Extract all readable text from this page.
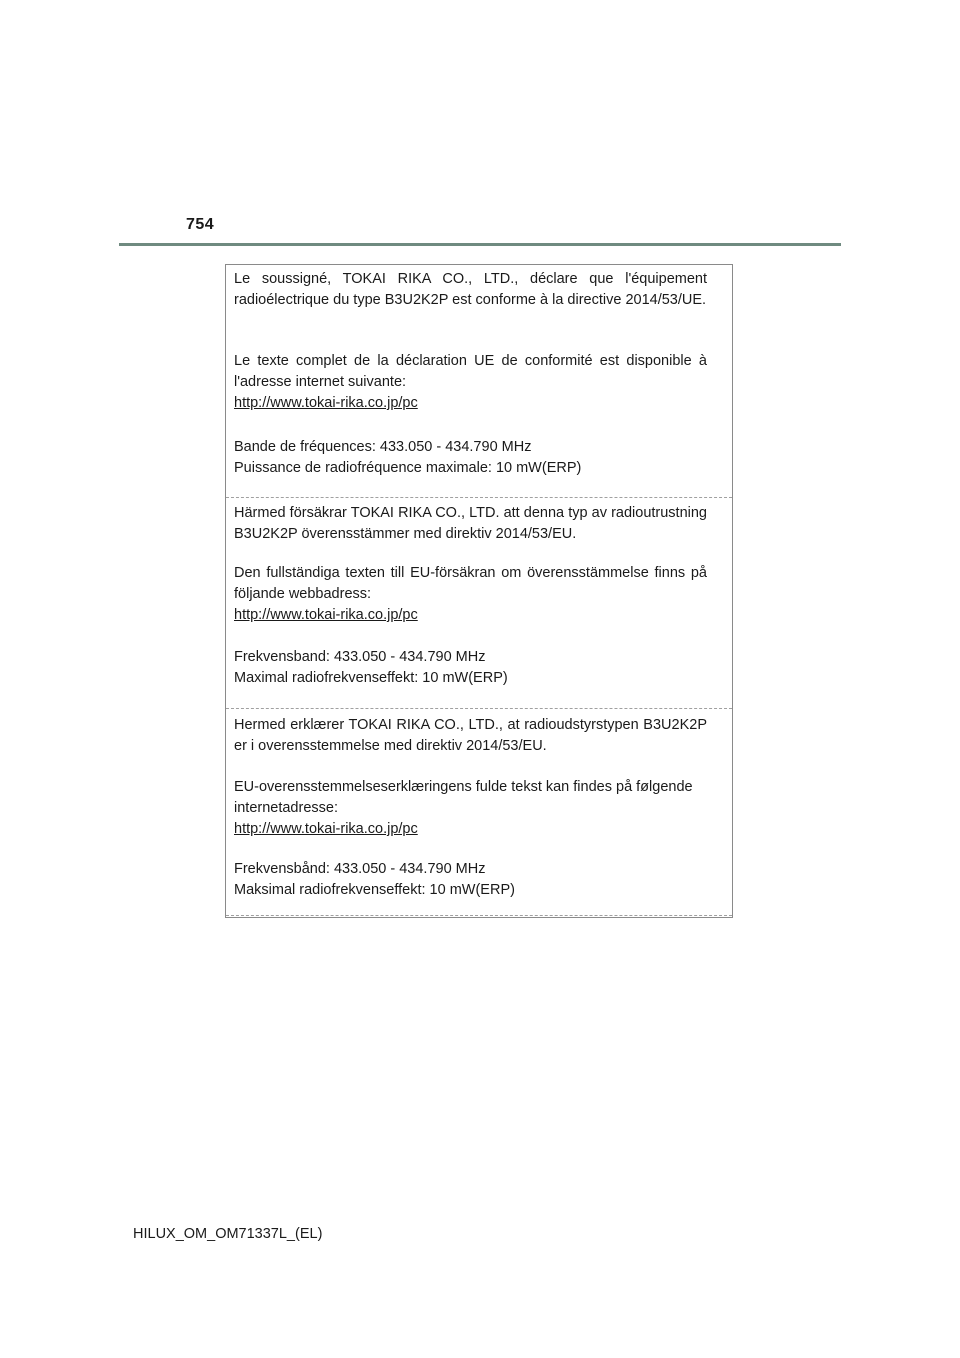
754

Le soussigné, TOKAI RIKA CO., LTD., déclare que l'équipement radioélectrique du type B3U2K2P est conforme à la directive 2014/53/UE.

Le texte complet de la déclaration UE de conformité est disponible à l'adresse internet suivante:

http://www.tokai-rika.co.jp/pc

Bande de fréquences: 433.050 - 434.790 MHz

Puissance de radiofréquence maximale: 10 mW(ERP)

Härmed försäkrar TOKAI RIKA CO., LTD. att denna typ av radioutrustning B3U2K2P överensstämmer med direktiv 2014/53/EU.

Den fullständiga texten till EU-försäkran om överensstämmelse finns på följande webbadress:

http://www.tokai-rika.co.jp/pc

Frekvensband: 433.050 - 434.790 MHz

Maximal radiofrekvenseffekt: 10 mW(ERP)

Hermed erklærer TOKAI RIKA CO., LTD., at radioudstyrstypen B3U2K2P er i overensstemmelse med direktiv 2014/53/EU.

EU-overensstemmelseserklæringens fulde tekst kan findes på følgende internetadresse:

http://www.tokai-rika.co.jp/pc

Frekvensbånd: 433.050 - 434.790 MHz

Maksimal radiofrekvenseffekt: 10 mW(ERP)

HILUX_OM_OM71337L_(EL)
